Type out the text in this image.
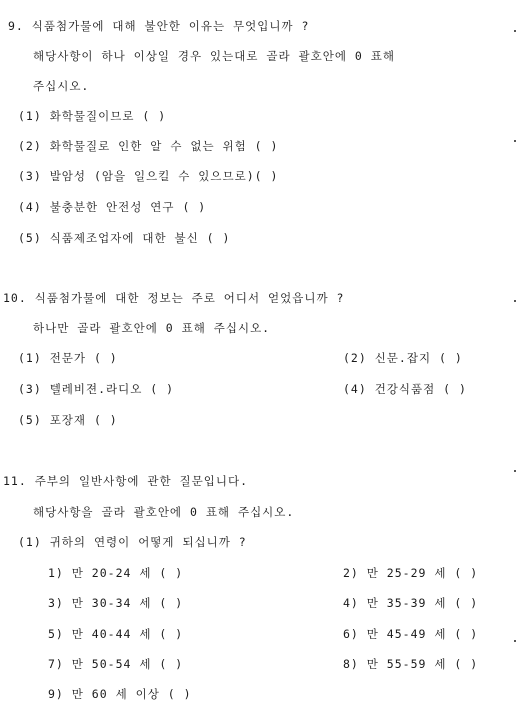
9. 식품첨가물에 대해 불안한 이유는 무엇입니까 ?
해당사항이 하나 이상일 경우 있는대로 골라 괄호안에 0 표해
주십시오.
(1) 화학물질이므로 ( )
(2) 화학물질로 인한 알 수 없는 위험 ( )
(3) 발암성 (암을 일으킬 수 있으므로)( )
(4) 불충분한 안전성 연구 ( )
(5) 식품제조업자에 대한 불신 ( )
10. 식품첨가물에 대한 정보는 주로 어디서 얻었읍니까 ?
하나만 골라 괄호안에 0 표해 주십시오.
(1) 전문가 ( )	(2) 신문.잡지 ( )
(3) 텔레비젼.라디오 ( )	(4) 건강식품점 ( )
(5) 포장재 ( )
11. 주부의 일반사항에 관한 질문입니다.
해당사항을 골라 괄호안에 0 표해 주십시오.
(1) 귀하의 연령이 어떻게 되십니까 ?
1) 만 20-24 세 ( )	2) 만 25-29 세 ( )
3) 만 30-34 세 ( )	4) 만 35-39 세 ( )
5) 만 40-44 세 ( )	6) 만 45-49 세 ( )
7) 만 50-54 세 ( )	8) 만 55-59 세 ( )
9) 만 60 세 이상 ( )
